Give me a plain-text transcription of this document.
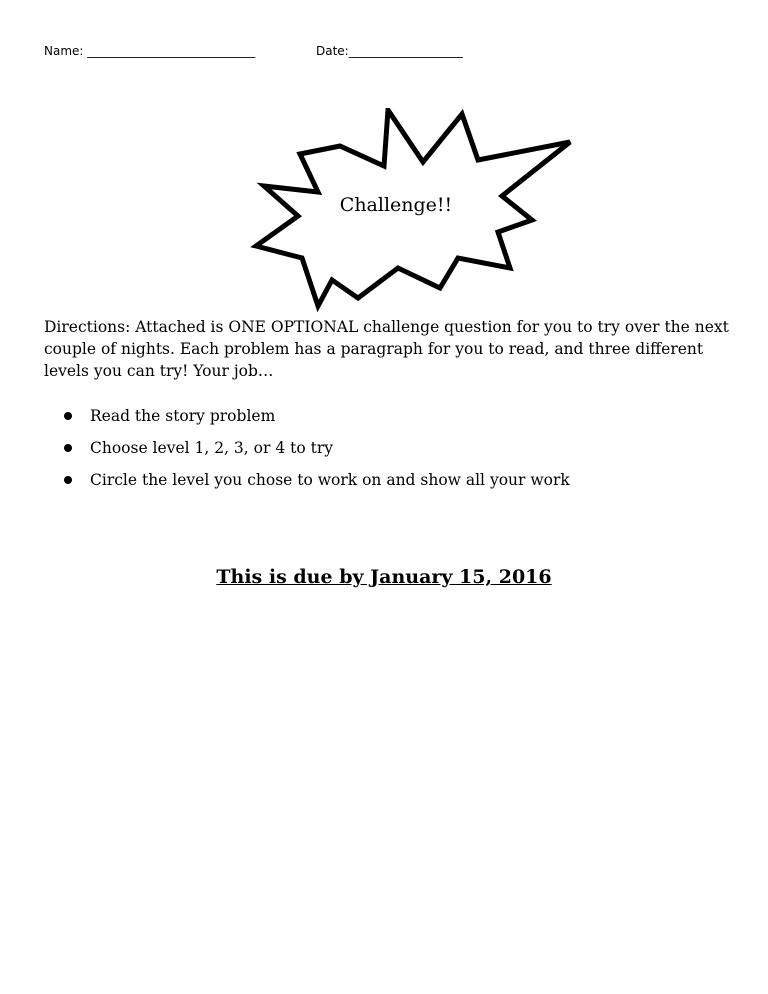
Name: ____________________________	Date:___________________
Challenge!!

Directions: Attached is ONE OPTIONAL challenge question for you to try over the next couple of nights. Each problem has a paragraph for you to read, and three different levels you can try! Your job…

Read the story problem
Choose level 1, 2, 3, or 4 to try
Circle the level you chose to work on and show all your work
This is due by January 15, 2016
